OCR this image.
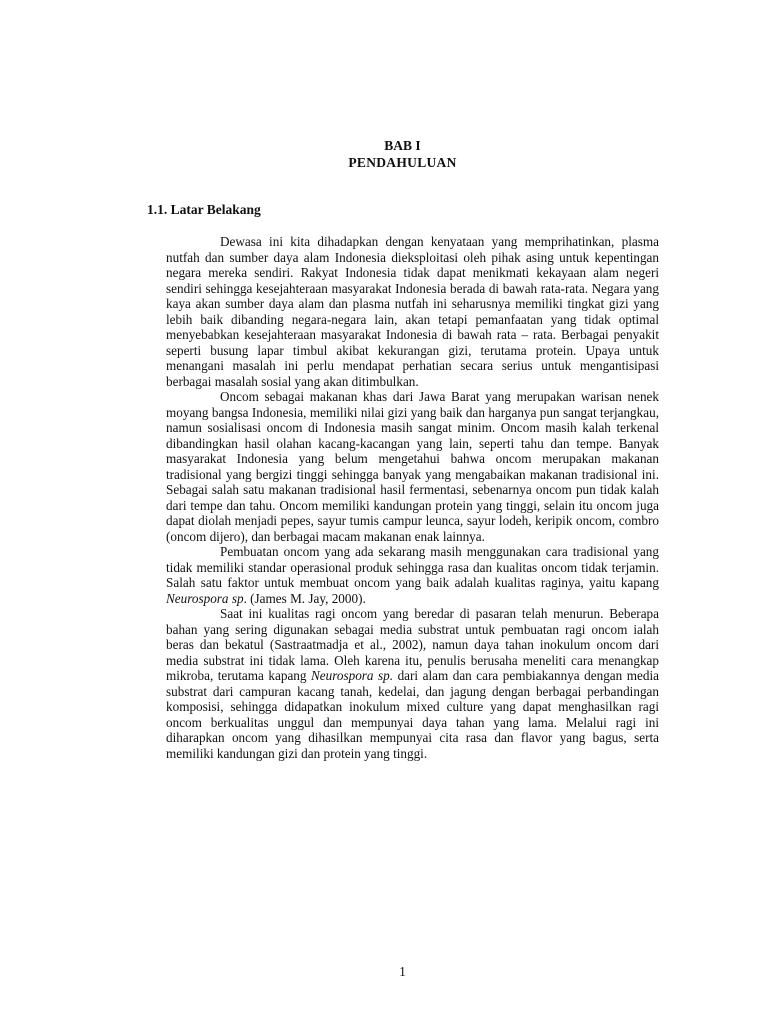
BAB I
PENDAHULUAN
1.1. Latar Belakang

Dewasa ini kita dihadapkan dengan kenyataan yang memprihatinkan, plasma nutfah dan sumber daya alam Indonesia dieksploitasi oleh pihak asing untuk kepentingan negara mereka sendiri. Rakyat Indonesia tidak dapat menikmati kekayaan alam negeri sendiri sehingga kesejahteraan masyarakat Indonesia berada di bawah rata-rata. Negara yang kaya akan sumber daya alam dan plasma nutfah ini seharusnya memiliki tingkat gizi yang lebih baik dibanding negara-negara lain, akan tetapi pemanfaatan yang tidak optimal menyebabkan kesejahteraan masyarakat Indonesia di bawah rata – rata. Berbagai penyakit seperti busung lapar timbul akibat kekurangan gizi, terutama protein. Upaya untuk menangani masalah ini perlu mendapat perhatian secara serius untuk mengantisipasi berbagai masalah sosial yang akan ditimbulkan.

Oncom sebagai makanan khas dari Jawa Barat yang merupakan warisan nenek moyang bangsa Indonesia, memiliki nilai gizi yang baik dan harganya pun sangat terjangkau, namun sosialisasi oncom di Indonesia masih sangat minim. Oncom masih kalah terkenal dibandingkan hasil olahan kacang-kacangan yang lain, seperti tahu dan tempe. Banyak masyarakat Indonesia yang belum mengetahui bahwa oncom merupakan makanan tradisional yang bergizi tinggi sehingga banyak yang mengabaikan makanan tradisional ini. Sebagai salah satu makanan tradisional hasil fermentasi, sebenarnya oncom pun tidak kalah dari tempe dan tahu. Oncom memiliki kandungan protein yang tinggi, selain itu oncom juga dapat diolah menjadi pepes, sayur tumis campur leunca, sayur lodeh, keripik oncom, combro (oncom dijero), dan berbagai macam makanan enak lainnya.

Pembuatan oncom yang ada sekarang masih menggunakan cara tradisional yang tidak memiliki standar operasional produk sehingga rasa dan kualitas oncom tidak terjamin. Salah satu faktor untuk membuat oncom yang baik adalah kualitas raginya, yaitu kapang Neurospora sp. (James M. Jay, 2000).

Saat ini kualitas ragi oncom yang beredar di pasaran telah menurun. Beberapa bahan yang sering digunakan sebagai media substrat untuk pembuatan ragi oncom ialah beras dan bekatul (Sastraatmadja et al., 2002), namun daya tahan inokulum oncom dari media substrat ini tidak lama. Oleh karena itu, penulis berusaha meneliti cara menangkap mikroba, terutama kapang Neurospora sp. dari alam dan cara pembiakannya dengan media substrat dari campuran kacang tanah, kedelai, dan jagung dengan berbagai perbandingan komposisi, sehingga didapatkan inokulum mixed culture yang dapat menghasilkan ragi oncom berkualitas unggul dan mempunyai daya tahan yang lama. Melalui ragi ini diharapkan oncom yang dihasilkan mempunyai cita rasa dan flavor yang bagus, serta memiliki kandungan gizi dan protein yang tinggi.

1
